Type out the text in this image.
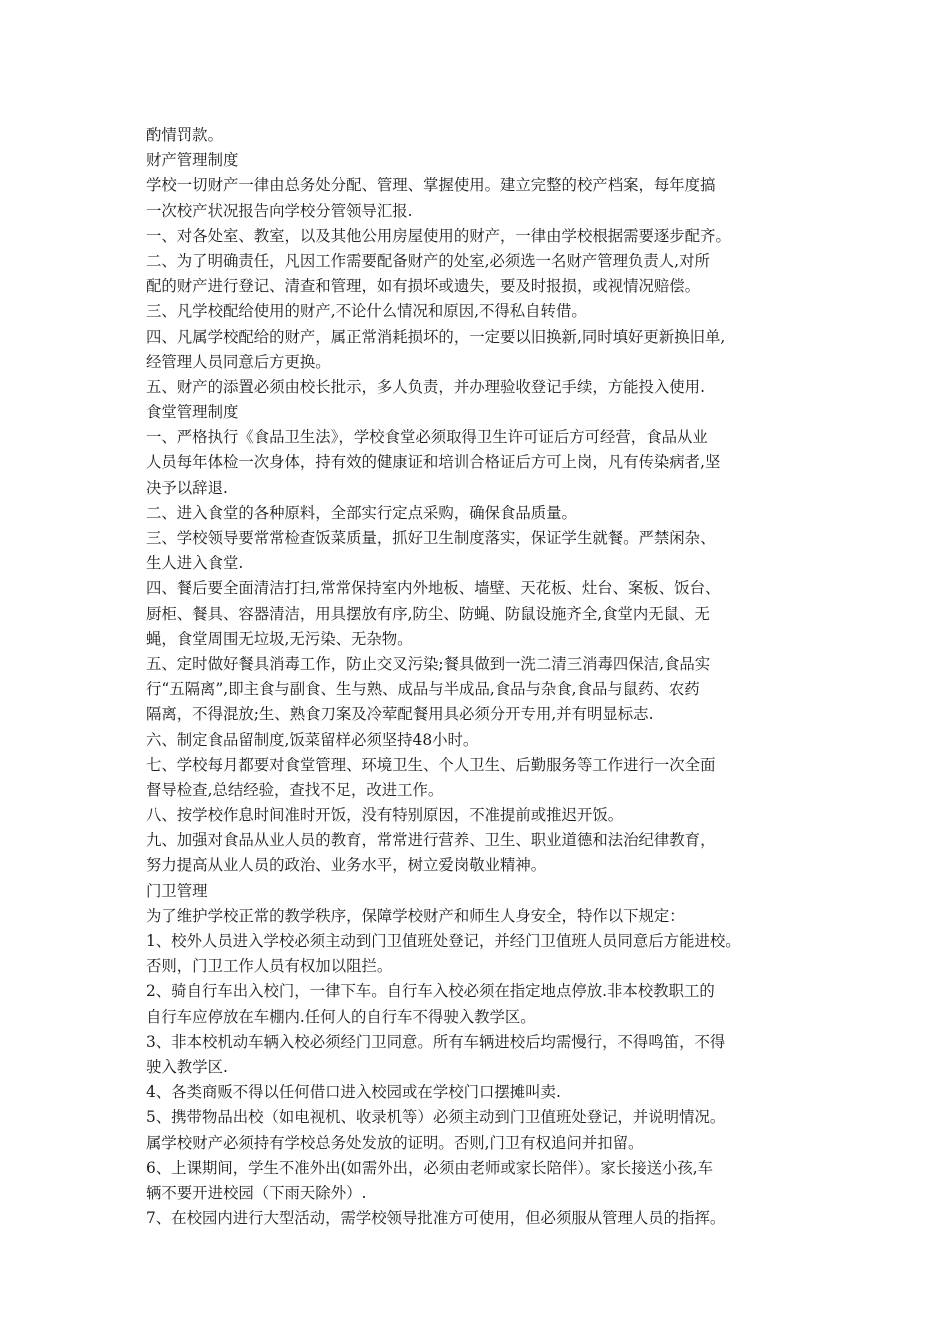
酌情罚款。
财产管理制度
学校一切财产一律由总务处分配、管理、掌握使用。建立完整的校产档案，每年度搞
一次校产状况报告向学校分管领导汇报.
一、对各处室、教室，以及其他公用房屋使用的财产，一律由学校根据需要逐步配齐。
二、为了明确责任，凡因工作需要配备财产的处室,必须选一名财产管理负责人,对所
配的财产进行登记、清查和管理，如有损坏或遗失，要及时报损，或视情况赔偿。
三、凡学校配给使用的财产,不论什么情况和原因,不得私自转借。
四、凡属学校配给的财产，属正常消耗损坏的，一定要以旧换新,同时填好更新换旧单,
经管理人员同意后方更换。
五、财产的添置必须由校长批示，多人负责，并办理验收登记手续，方能投入使用.
食堂管理制度
一、严格执行《食品卫生法》，学校食堂必须取得卫生许可证后方可经营，食品从业
人员每年体检一次身体，持有效的健康证和培训合格证后方可上岗，凡有传染病者,坚
决予以辞退.
二、进入食堂的各种原料，全部实行定点采购，确保食品质量。
三、学校领导要常常检查饭菜质量，抓好卫生制度落实，保证学生就餐。严禁闲杂、
生人进入食堂.
四、餐后要全面清洁打扫,常常保持室内外地板、墙壁、天花板、灶台、案板、饭台、
厨柜、餐具、容器清洁，用具摆放有序,防尘、防蝇、防鼠设施齐全,食堂内无鼠、无
蝇，食堂周围无垃圾,无污染、无杂物。
五、定时做好餐具消毒工作，防止交叉污染;餐具做到一洗二清三消毒四保洁,食品实
行“五隔离”,即主食与副食、生与熟、成品与半成品,食品与杂食,食品与鼠药、农药
隔离，不得混放;生、熟食刀案及冷荤配餐用具必须分开专用,并有明显标志.
六、制定食品留制度,饭菜留样必须坚持48小时。
七、学校每月都要对食堂管理、环境卫生、个人卫生、后勤服务等工作进行一次全面
督导检查,总结经验，查找不足，改进工作。
八、按学校作息时间准时开饭，没有特别原因，不准提前或推迟开饭。
九、加强对食品从业人员的教育，常常进行营养、卫生、职业道德和法治纪律教育，
努力提高从业人员的政治、业务水平，树立爱岗敬业精神。
门卫管理
为了维护学校正常的教学秩序，保障学校财产和师生人身安全，特作以下规定：
1、校外人员进入学校必须主动到门卫值班处登记，并经门卫值班人员同意后方能进校。
否则，门卫工作人员有权加以阻拦。
2、骑自行车出入校门，一律下车。自行车入校必须在指定地点停放.非本校教职工的
自行车应停放在车棚内.任何人的自行车不得驶入教学区。
3、非本校机动车辆入校必须经门卫同意。所有车辆进校后均需慢行，不得鸣笛，不得
驶入教学区.
4、各类商贩不得以任何借口进入校园或在学校门口摆摊叫卖.
5、携带物品出校（如电视机、收录机等）必须主动到门卫值班处登记，并说明情况。
属学校财产必须持有学校总务处发放的证明。否则,门卫有权追问并扣留。
6、上课期间，学生不准外出(如需外出，必须由老师或家长陪伴）。家长接送小孩,车
辆不要开进校园（下雨天除外）.
7、在校园内进行大型活动，需学校领导批准方可使用，但必须服从管理人员的指挥。
